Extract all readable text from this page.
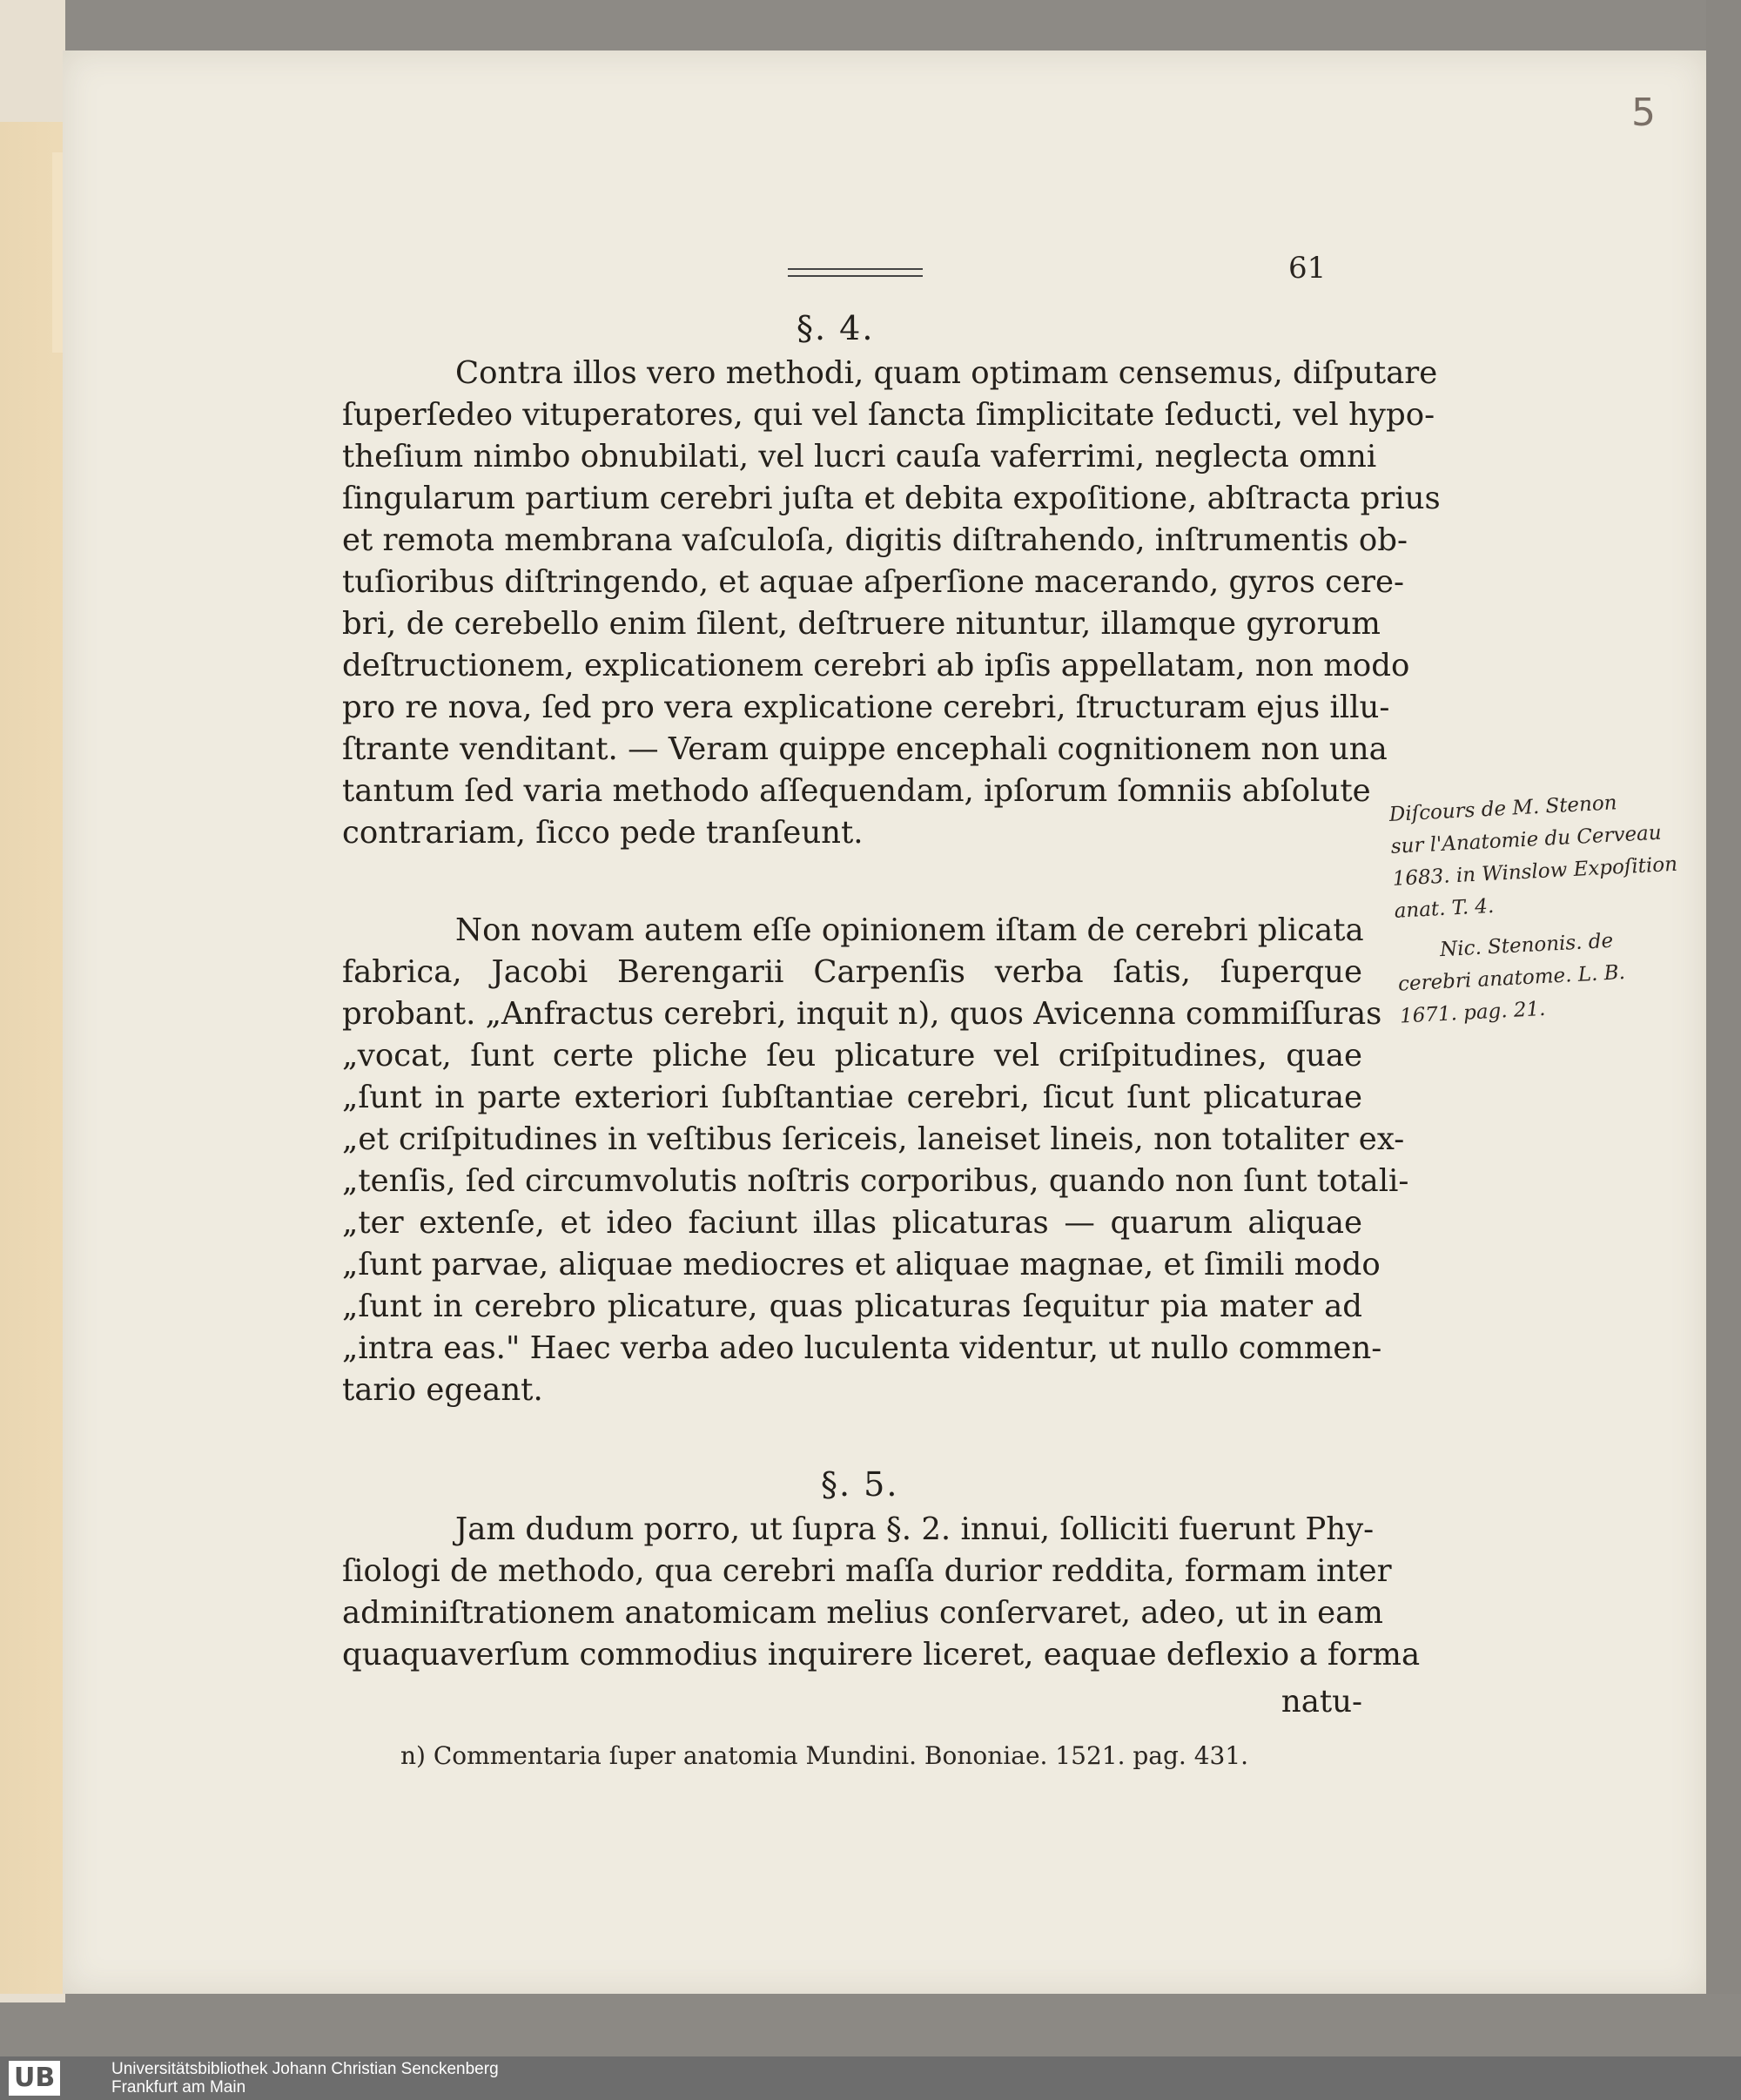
5
61
§. 4.
Contra illos vero methodi, quam optimam censemus, diſputare
ſuperſedeo vituperatores, qui vel ſancta ſimplicitate ſeducti, vel hypo-
theſium nimbo obnubilati, vel lucri cauſa vaferrimi, neglecta omni
ſingularum partium cerebri juſta et debita expoſitione, abſtracta prius
et remota membrana vaſculoſa, digitis diſtrahendo, inſtrumentis ob-
tuſioribus diſtringendo, et aquae aſperſione macerando, gyros cere-
bri, de cerebello enim ſilent, deſtruere nituntur, illamque gyrorum
deſtructionem, explicationem cerebri ab ipſis appellatam, non modo
pro re nova, ſed pro vera explicatione cerebri, ſtructuram ejus illu-
ſtrante venditant. — Veram quippe encephali cognitionem non una
tantum ſed varia methodo aſſequendam, ipſorum ſomniis abſolute
contrariam, ſicco pede tranſeunt.
Non novam autem eſſe opinionem iſtam de cerebri plicata
fabrica, Jacobi Berengarii Carpenſis verba ſatis, ſuperque
probant. „Anfractus cerebri, inquit n), quos Avicenna commiſſuras
„vocat, ſunt certe pliche ſeu plicature vel criſpitudines, quae
„ſunt in parte exteriori ſubſtantiae cerebri, ſicut ſunt plicaturae
„et criſpitudines in veſtibus ſericeis, laneiset lineis, non totaliter ex-
„tenſis, ſed circumvolutis noſtris corporibus, quando non ſunt totali-
„ter extenſe, et ideo faciunt illas plicaturas — quarum aliquae
„ſunt parvae, aliquae mediocres et aliquae magnae, et ſimili modo
„ſunt in cerebro plicature, quas plicaturas ſequitur pia mater ad
„intra eas." Haec verba adeo luculenta videntur, ut nullo commen-
tario egeant.
§. 5.
Jam dudum porro, ut ſupra §. 2. innui, ſolliciti fuerunt Phy-
ſiologi de methodo, qua cerebri maſſa durior reddita, formam inter
adminiſtrationem anatomicam melius conſervaret, adeo, ut in eam
quaquaverſum commodius inquirere liceret, eaquae deflexio a forma
natu-
n) Commentaria ſuper anatomia Mundini. Bononiae. 1521. pag. 431.
Diſcours de M. Stenon
sur l'Anatomie du Cerveau
1683. in Winslow Expoſition
anat. T. 4.
Nic. Stenonis. de
cerebri anatome. L. B.
1671. pag. 21.
UB	Universitätsbibliothek Johann Christian Senckenberg
Frankfurt am Main
